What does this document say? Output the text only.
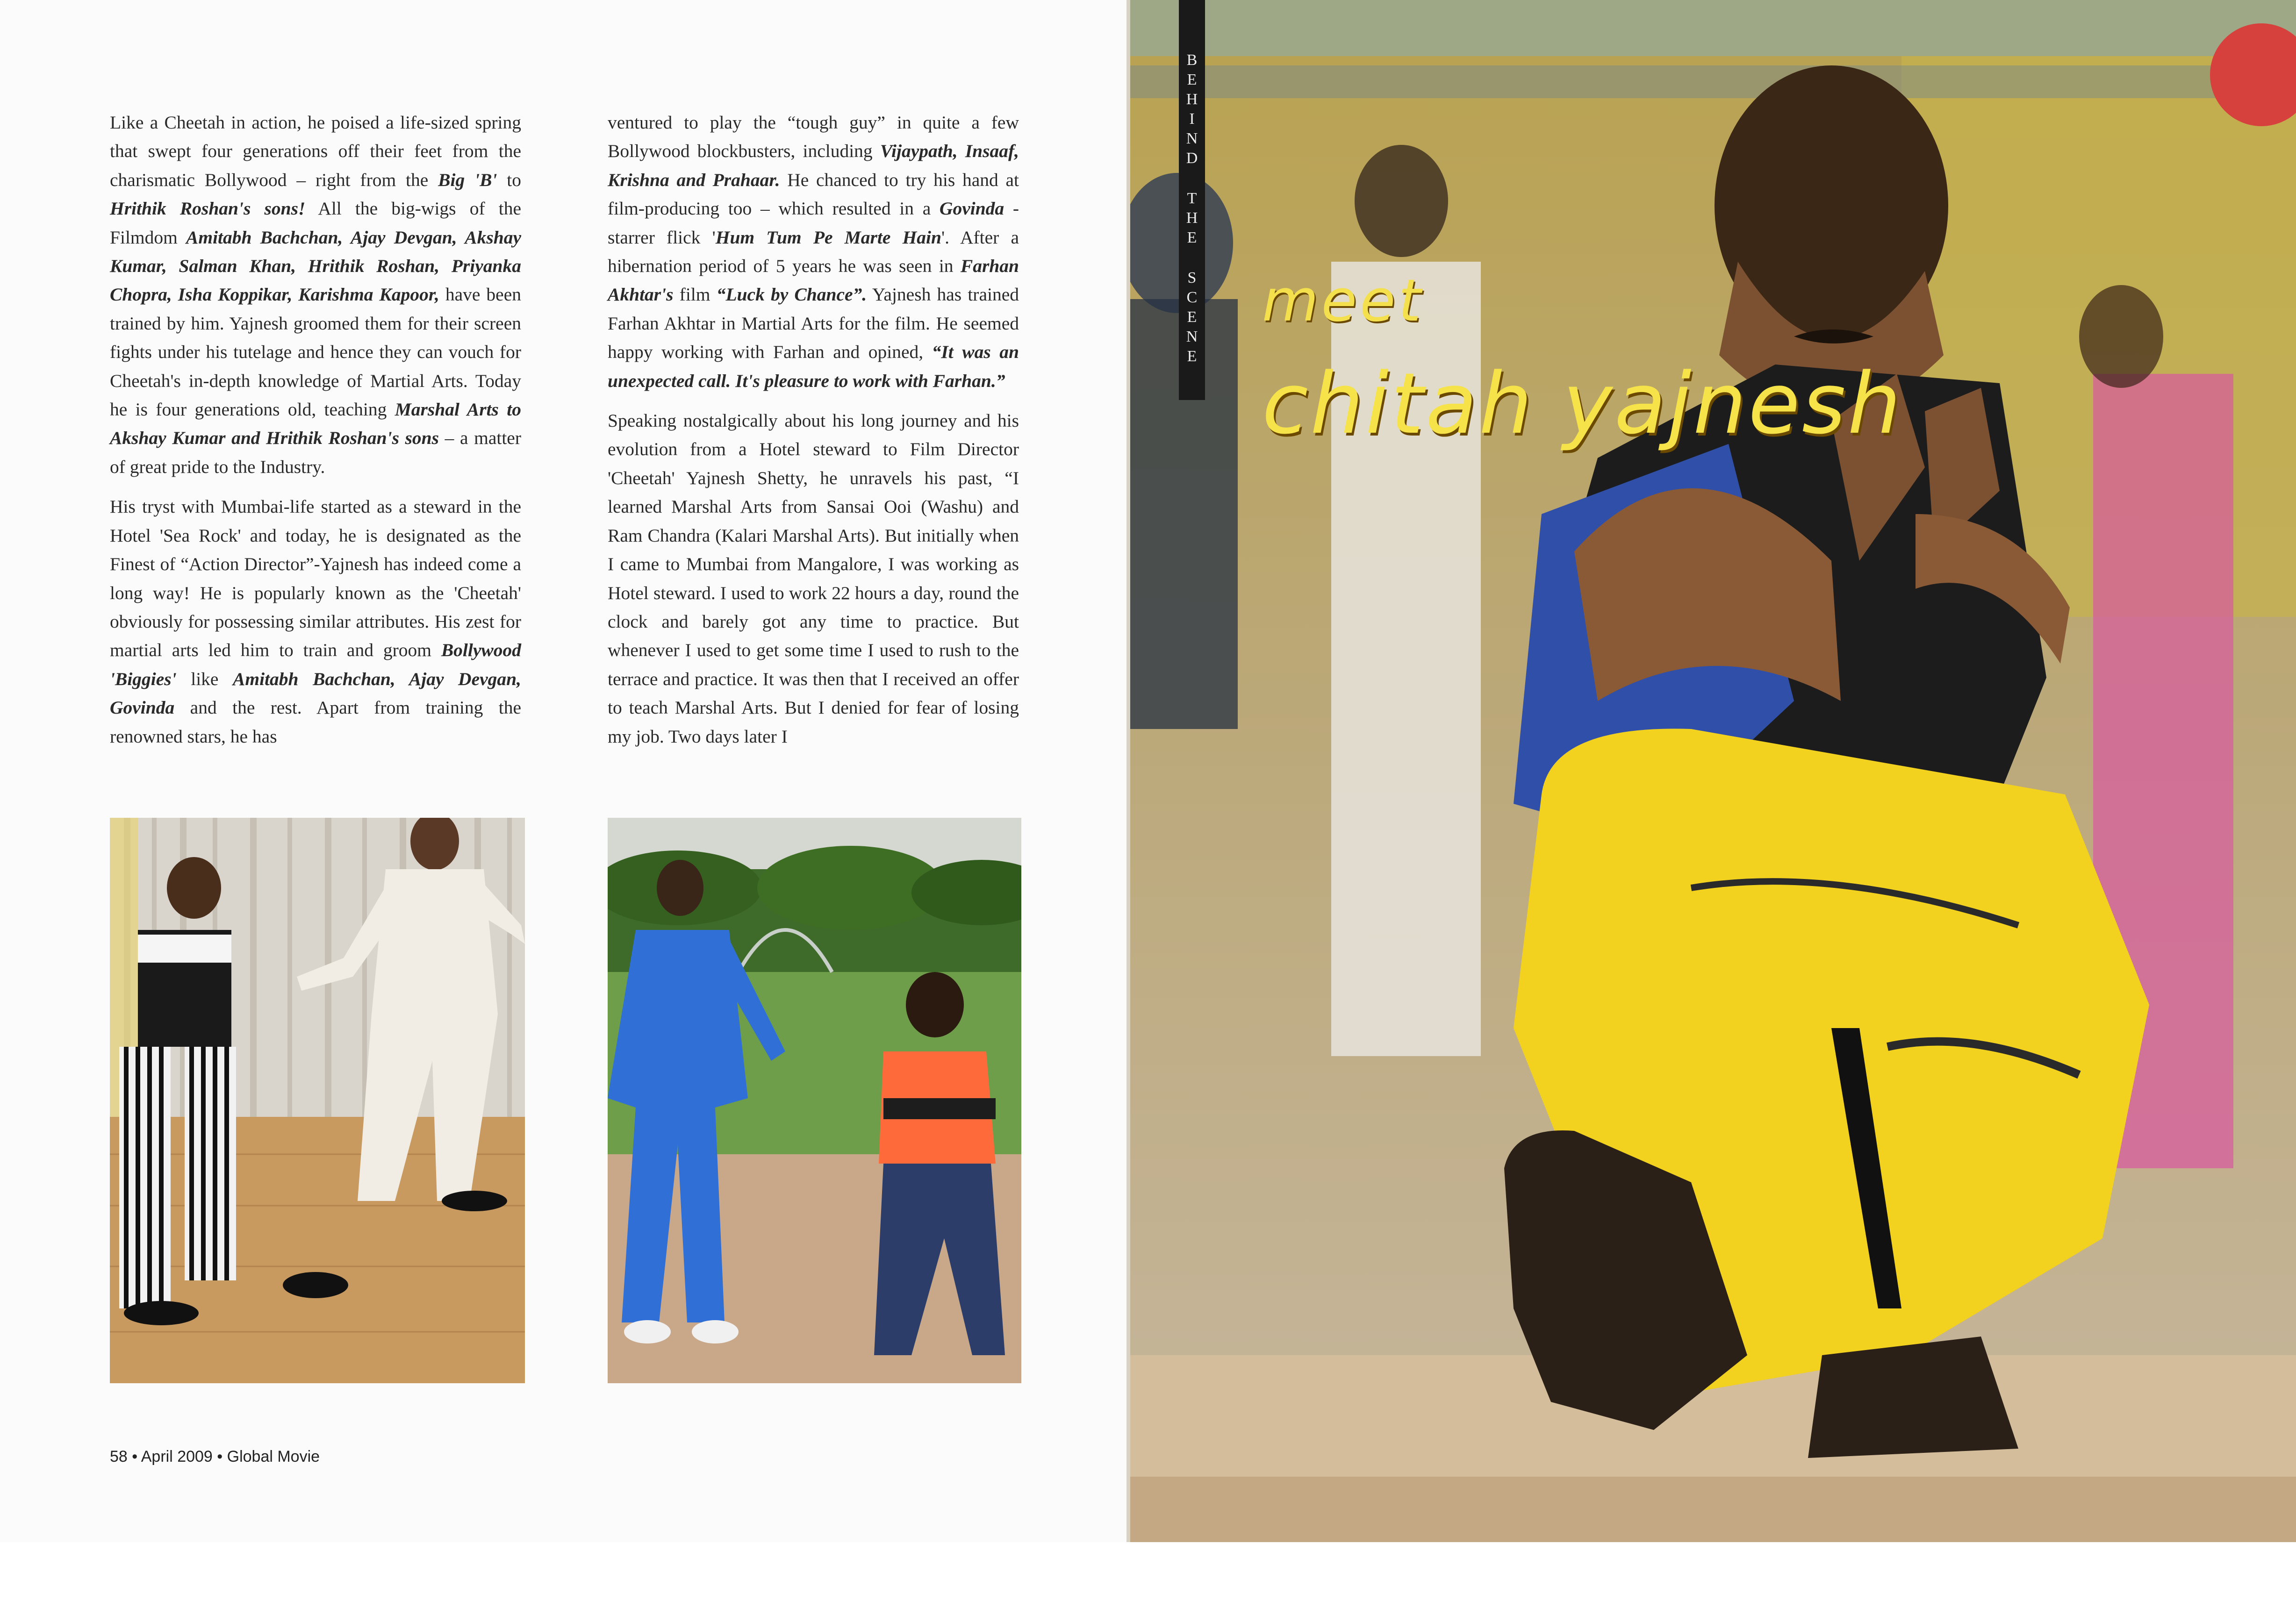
Like a Cheetah in action, he poised a life-sized spring that swept four generations off their feet from the charismatic Bollywood – right from the Big 'B' to Hrithik Roshan's sons! All the big-wigs of the Filmdom Amitabh Bachchan, Ajay Devgan, Akshay Kumar, Salman Khan, Hrithik Roshan, Priyanka Chopra, Isha Koppikar, Karishma Kapoor, have been trained by him. Yajnesh groomed them for their screen fights under his tutelage and hence they can vouch for Cheetah's in-depth knowledge of Martial Arts. Today he is four generations old, teaching Marshal Arts to Akshay Kumar and Hrithik Roshan's sons – a matter of great pride to the Industry.

His tryst with Mumbai-life started as a steward in the Hotel 'Sea Rock' and today, he is designated as the Finest of “Action Director”-Yajnesh has indeed come a long way! He is popularly known as the 'Cheetah' obviously for possessing similar attributes. His zest for martial arts led him to train and groom Bollywood 'Biggies' like Amitabh Bachchan, Ajay Devgan, Govinda and the rest. Apart from training the renowned stars, he has

ventured to play the “tough guy” in quite a few Bollywood blockbusters, including Vijaypath, Insaaf, Krishna and Prahaar. He chanced to try his hand at film-producing too – which resulted in a Govinda - starrer flick 'Hum Tum Pe Marte Hain'. After a hibernation period of 5 years he was seen in Farhan Akhtar's film “Luck by Chance”. Yajnesh has trained Farhan Akhtar in Martial Arts for the film. He seemed happy working with Farhan and opined, “It was an unexpected call. It's pleasure to work with Farhan.”

Speaking nostalgically about his long journey and his evolution from a Hotel steward to Film Director 'Cheetah' Yajnesh Shetty, he unravels his past, “I learned Marshal Arts from Sansai Ooi (Washu) and Ram Chandra (Kalari Marshal Arts). But initially when I came to Mumbai from Mangalore, I was working as Hotel steward. I used to work 22 hours a day, round the clock and barely got any time to practice. But whenever I used to get some time I used to rush to the terrace and practice. It was then that I received an offer to teach Marshal Arts. But I denied for fear of losing my job. Two days later I

58 • April 2009 • Global Movie
B
E
H
I
N
D
T
H
E
S
C
E
N
E
meet
chitah yajnesh
